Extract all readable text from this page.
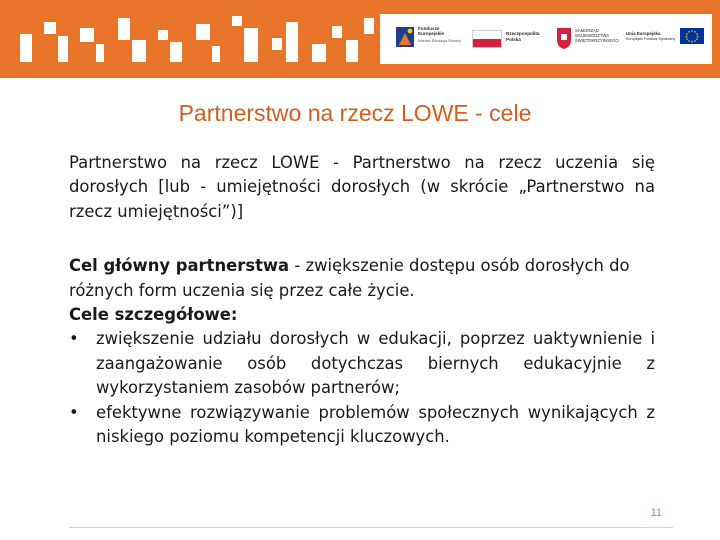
Fundusze
Europejskie
Wiedza Edukacja Rozwój
Rzeczpospolita
Polska
SAMORZĄD
WOJEWÓDZTWA
ŚWIĘTOKRZYSKIEGO
Unia Europejska
Europejski Fundusz Społeczny
Partnerstwo na rzecz LOWE - cele

Partnerstwo na rzecz LOWE - Partnerstwo na rzecz uczenia się dorosłych [lub - umiejętności dorosłych (w skrócie „Partnerstwo na rzecz umiejętności”)]

Cel główny partnerstwa - zwiększenie dostępu osób dorosłych do różnych form uczenia się przez całe życie.

Cele szczegółowe:

• zwiększenie udziału dorosłych w edukacji, poprzez uaktywnienie i zaangażowanie osób dotychczas biernych edukacyjnie z wykorzystaniem zasobów partnerów;

• efektywne rozwiązywanie problemów społecznych wynikających z niskiego poziomu kompetencji kluczowych.

11
